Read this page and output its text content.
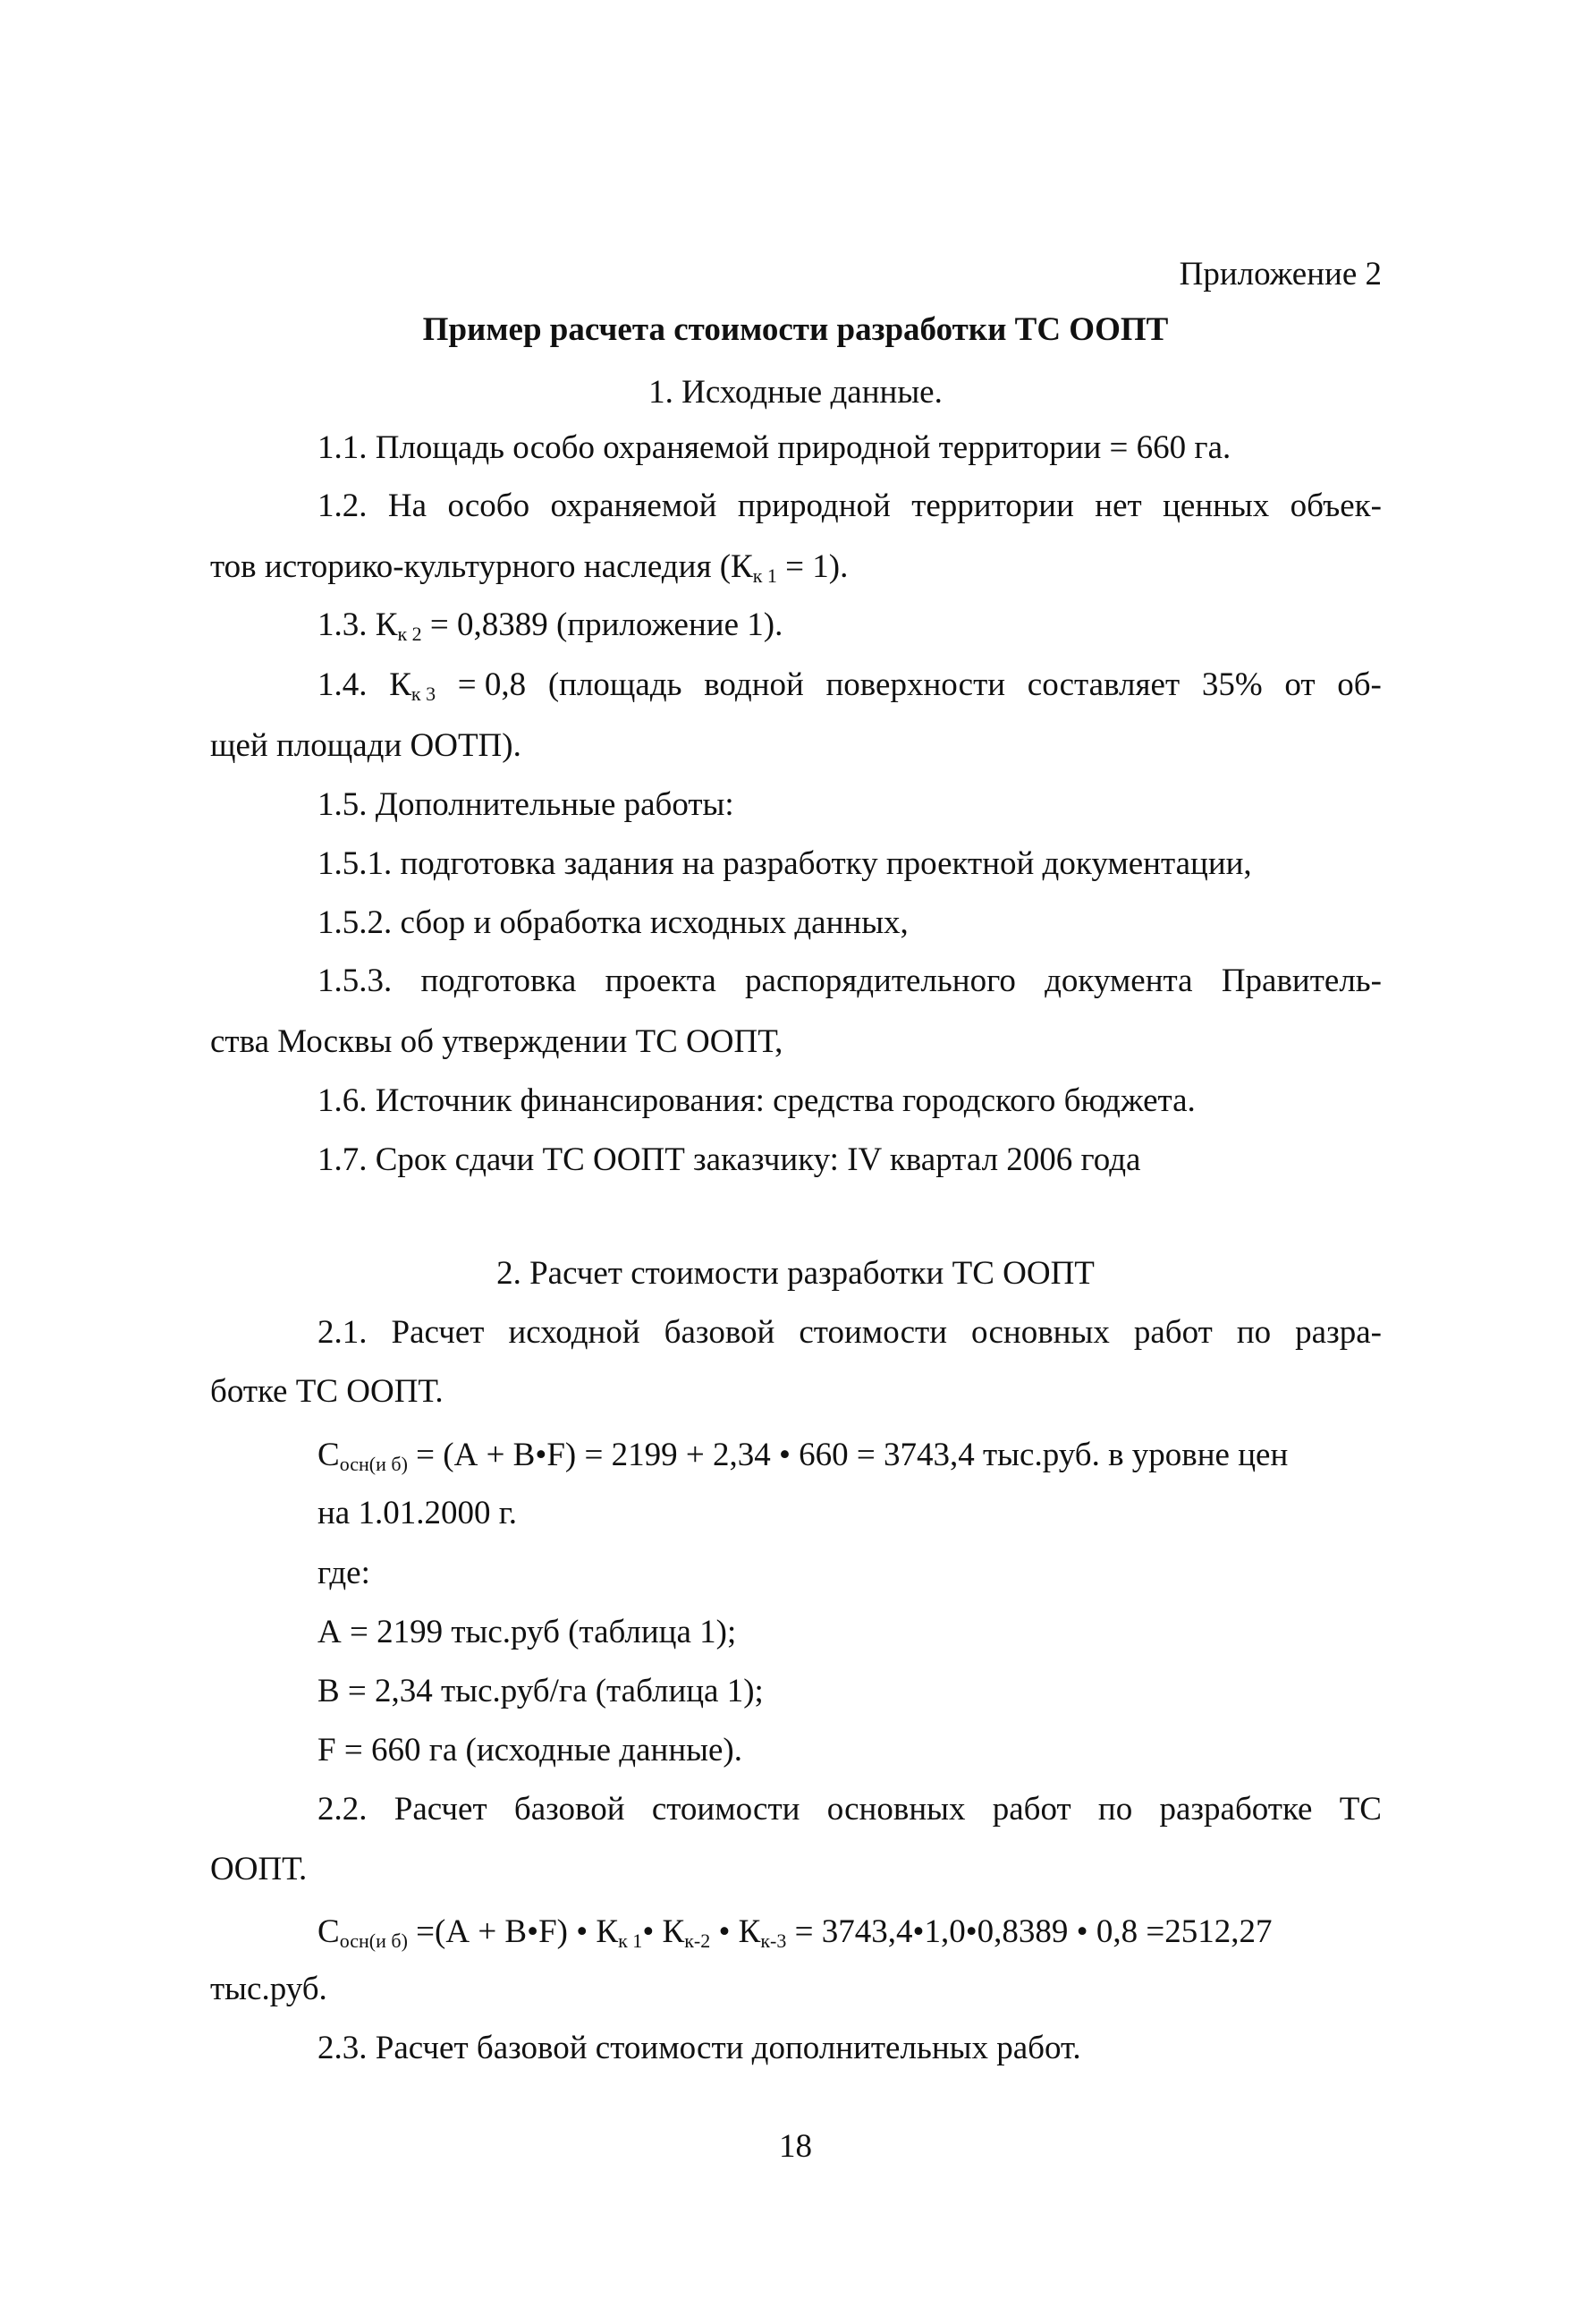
Приложение 2
Пример расчета стоимости разработки ТС ООПТ
1. Исходные данные.
1.1. Площадь особо охраняемой природной территории = 660 га.
1.2. На особо охраняемой природной территории нет ценных объек-
тов историко-культурного наследия $(К_{к 1} = 1)$.
1.3. $К_{к 2} = 0,8389$ (приложение 1).
1.4. $К_{к 3} = 0,8$ (площадь водной поверхности составляет 35% от об-
щей площади ООТП).
1.5. Дополнительные работы:
1.5.1. подготовка задания на разработку проектной документации,
1.5.2. сбор и обработка исходных данных,
1.5.3. подготовка проекта распорядительного документа Правитель-
ства Москвы об утверждении ТС ООПТ,
1.6. Источник финансирования: средства городского бюджета.
1.7. Срок сдачи ТС ООПТ заказчику: IV квартал 2006 года
2. Расчет стоимости разработки ТС ООПТ
2.1. Расчет исходной базовой стоимости основных работ по разра-
ботке ТС ООПТ.
$С_{осн(и б)} = (А$ + В•F) = 2199 + 2,34 • 660 = 3743,4 тыс.руб. в уровне цен
на 1.01.2000 г.
где:
А = 2199 тыс.руб (таблица 1);
В = 2,34 тыс.руб/га (таблица 1);
F = 660 га (исходные данные).
2.2. Расчет базовой стоимости основных работ по разработке ТС
ООПТ.
$С_{осн(и б)} =(А$ + В•F) • $К_{к 1}•$ $К_{к-2}$ • $К_{к-3}$ = 3743,4•1,0•0,8389 • 0,8 =2512,27
тыс.руб.
2.3. Расчет базовой стоимости дополнительных работ.
18
